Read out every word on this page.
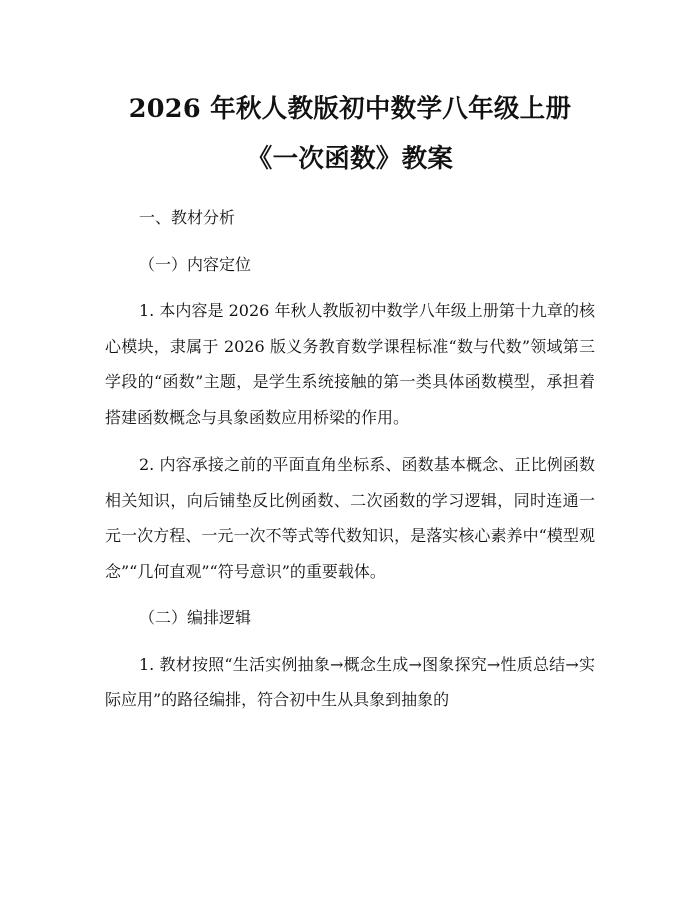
2026 年秋人教版初中数学八年级上册《一次函数》教案

一、教材分析

（一）内容定位

1. 本内容是 2026 年秋人教版初中数学八年级上册第十九章的核心模块，隶属于 2026 版义务教育数学课程标准“数与代数”领域第三学段的“函数”主题，是学生系统接触的第一类具体函数模型，承担着搭建函数概念与具象函数应用桥梁的作用。

2. 内容承接之前的平面直角坐标系、函数基本概念、正比例函数相关知识，向后铺垫反比例函数、二次函数的学习逻辑，同时连通一元一次方程、一元一次不等式等代数知识，是落实核心素养中“模型观念”“几何直观”“符号意识”的重要载体。

（二）编排逻辑

1. 教材按照“生活实例抽象→概念生成→图象探究→性质总结→实际应用”的路径编排，符合初中生从具象到抽象的
